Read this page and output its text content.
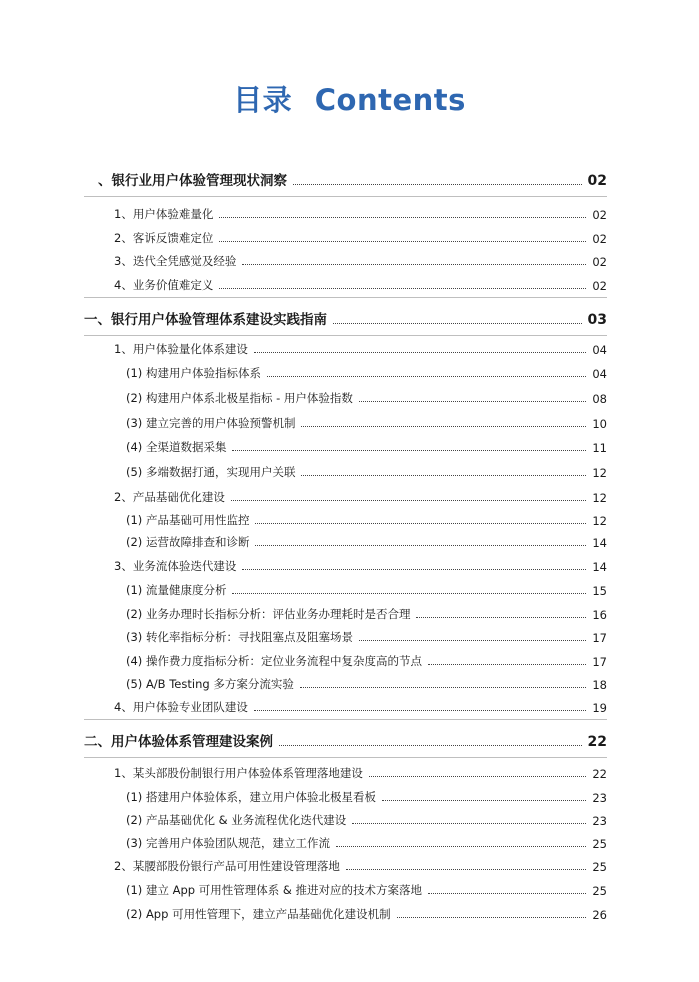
目录 Contents
、银行业用户体验管理现状洞察	02
1、用户体验难量化	02
2、客诉反馈难定位	02
3、迭代全凭感觉及经验	02
4、业务价值难定义	02
一、银行用户体验管理体系建设实践指南	03
1、用户体验量化体系建设	04
(1) 构建用户体验指标体系	04
(2) 构建用户体系北极星指标 - 用户体验指数	08
(3) 建立完善的用户体验预警机制	10
(4) 全渠道数据采集	11
(5) 多端数据打通，实现用户关联	12
2、产品基础优化建设	12
(1) 产品基础可用性监控	12
(2) 运营故障排查和诊断	14
3、业务流体验迭代建设	14
(1) 流量健康度分析	15
(2) 业务办理时长指标分析：评估业务办理耗时是否合理	16
(3) 转化率指标分析：寻找阻塞点及阻塞场景	17
(4) 操作费力度指标分析：定位业务流程中复杂度高的节点	17
(5) A/B Testing 多方案分流实验	18
4、用户体验专业团队建设	19
二、用户体验体系管理建设案例	22
1、某头部股份制银行用户体验体系管理落地建设	22
(1) 搭建用户体验体系，建立用户体验北极星看板	23
(2) 产品基础优化 & 业务流程优化迭代建设	23
(3) 完善用户体验团队规范，建立工作流	25
2、某腰部股份银行产品可用性建设管理落地	25
(1) 建立 App 可用性管理体系 & 推进对应的技术方案落地	25
(2) App 可用性管理下，建立产品基础优化建设机制	26
